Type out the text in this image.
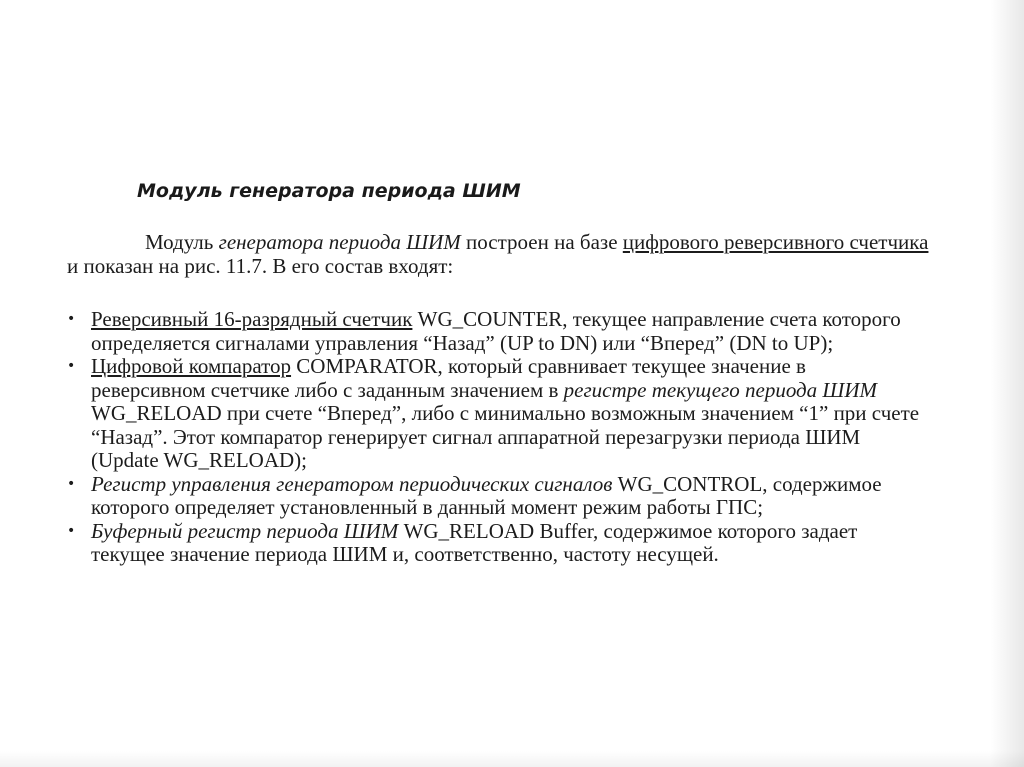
Модуль генератора периода ШИМ
Модуль генератора периода ШИМ построен на базе цифрового реверсивного счетчика
и показан на рис. 11.7. В его состав входят:
• Реверсивный 16-разрядный счетчик WG_COUNTER, текущее направление счета которого
определяется сигналами управления “Назад” (UP to DN) или “Вперед” (DN to UP);
• Цифровой компаратор COMPARATOR, который сравнивает текущее значение в
реверсивном счетчике либо с заданным значением в регистре текущего периода ШИМ
WG_RELOAD при счете “Вперед”, либо с минимально возможным значением “1” при счете
“Назад”. Этот компаратор генерирует сигнал аппаратной перезагрузки периода ШИМ
(Update WG_RELOAD);
• Регистр управления генератором периодических сигналов WG_CONTROL, содержимое
которого определяет установленный в данный момент режим работы ГПС;
• Буферный регистр периода ШИМ WG_RELOAD Buffer, содержимое которого задает
текущее значение периода ШИМ и, соответственно, частоту несущей.
